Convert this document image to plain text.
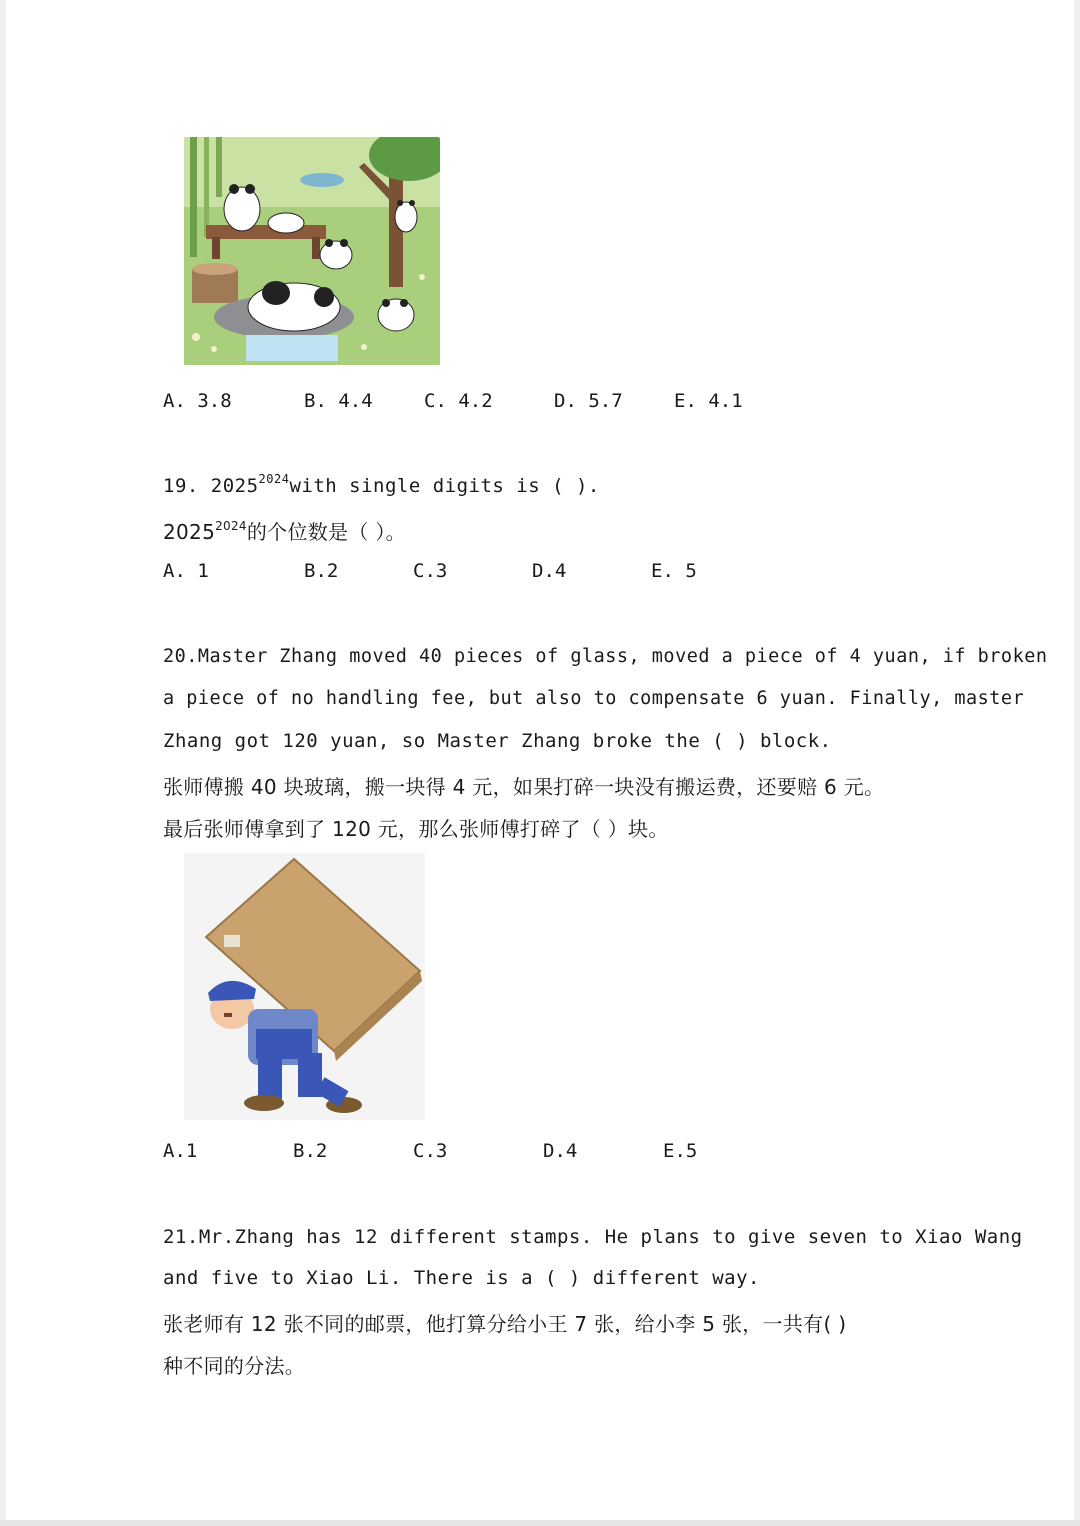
A. 3.8	B. 4.4	C. 4.2	D. 5.7	E. 4.1
19. $2025^{2024}with$ single digits is ( ).
$2025^{2024}$的个位数是（ ）。
A. 1	B.2	C.3	D.4	E. 5
20.Master Zhang moved 40 pieces of glass, moved a piece of 4 yuan, if broken
a piece of no handling fee, but also to compensate 6 yuan. Finally, master
Zhang got 120 yuan, so Master Zhang broke the ( ) block.
张师傅搬 40 块玻璃，搬一块得 4 元，如果打碎一块没有搬运费，还要赔 6 元。
最后张师傅拿到了 120 元，那么张师傅打碎了（ ）块。
A.1	B.2	C.3	D.4	E.5
21.Mr.Zhang has 12 different stamps. He plans to give seven to Xiao Wang
and five to Xiao Li. There is a ( ) different way.
张老师有 12 张不同的邮票，他打算分给小王 7 张，给小李 5 张，一共有( )
种不同的分法。
